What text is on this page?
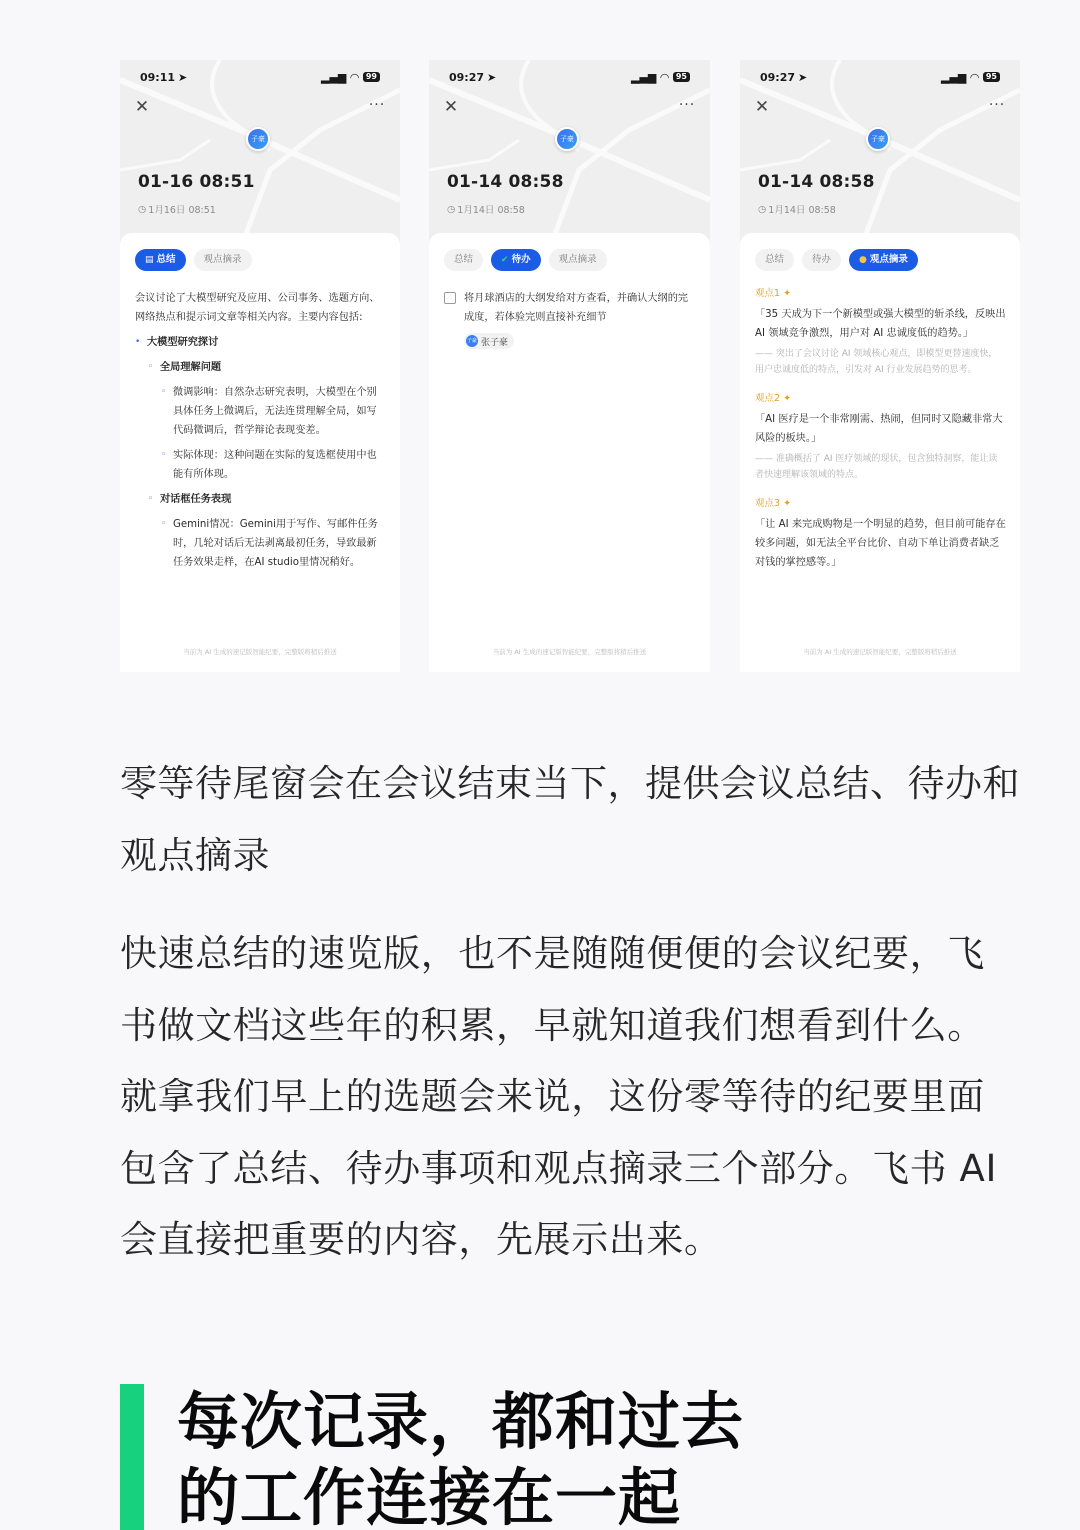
09:11 ➤	▂▄▆ ◠ 99
✕	···
子豪
01-16 08:51
◷ 1月16日 08:51
▤ 总结	观点摘录
会议讨论了大模型研究及应用、公司事务、选题方向、网络热点和提示词文章等相关内容。主要内容包括:
• 大模型研究探讨
◦ 全局理解问题
◦ 微调影响：自然杂志研究表明，大模型在个别具体任务上微调后，无法连贯理解全局，如写代码微调后，哲学辩论表现变差。
◦ 实际体现：这种问题在实际的复选框使用中也能有所体现。
◦ 对话框任务表现
◦ Gemini情况：Gemini用于写作、写邮件任务时，几轮对话后无法剥离最初任务，导致最新任务效果走样，在AI studio里情况稍好。
当前为 AI 生成的速记版智能纪要，完整版将稍后推送
09:27 ➤	▂▄▆ ◠ 95
✕	···
子豪
01-14 08:58
◷ 1月14日 08:58
总结	✔ 待办	观点摘录
将月球酒店的大纲发给对方查看，并确认大纲的完成度，若体验完则直接补充细节
子豪 张子豪
当前为 AI 生成的速记版智能纪要，完整版将稍后推送
09:27 ➤	▂▄▆ ◠ 95
✕	···
子豪
01-14 08:58
◷ 1月14日 08:58
总结	待办	● 观点摘录
观点1 ✦
「35 天成为下一个新模型或强大模型的斩杀线，反映出 AI 领域竞争激烈，用户对 AI 忠诚度低的趋势。」
—— 突出了会议讨论 AI 领域核心观点，即模型更替速度快，用户忠诚度低的特点，引发对 AI 行业发展趋势的思考。
观点2 ✦
「AI 医疗是一个非常刚需、热闹，但同时又隐藏非常大风险的板块。」
—— 准确概括了 AI 医疗领域的现状，包含独特洞察，能让读者快速理解该领域的特点。
观点3 ✦
「让 AI 来完成购物是一个明显的趋势，但目前可能存在较多问题，如无法全平台比价、自动下单让消费者缺乏对钱的掌控感等。」
当前为 AI 生成的速记版智能纪要，完整版将稍后推送

零等待尾窗会在会议结束当下，提供会议总结、待办和观点摘录

快速总结的速览版，也不是随随便便的会议纪要，飞书做文档这些年的积累，早就知道我们想看到什么。就拿我们早上的选题会来说，这份零等待的纪要里面包含了总结、待办事项和观点摘录三个部分。飞书 AI 会直接把重要的内容，先展示出来。

每次记录，都和过去
的工作连接在一起
